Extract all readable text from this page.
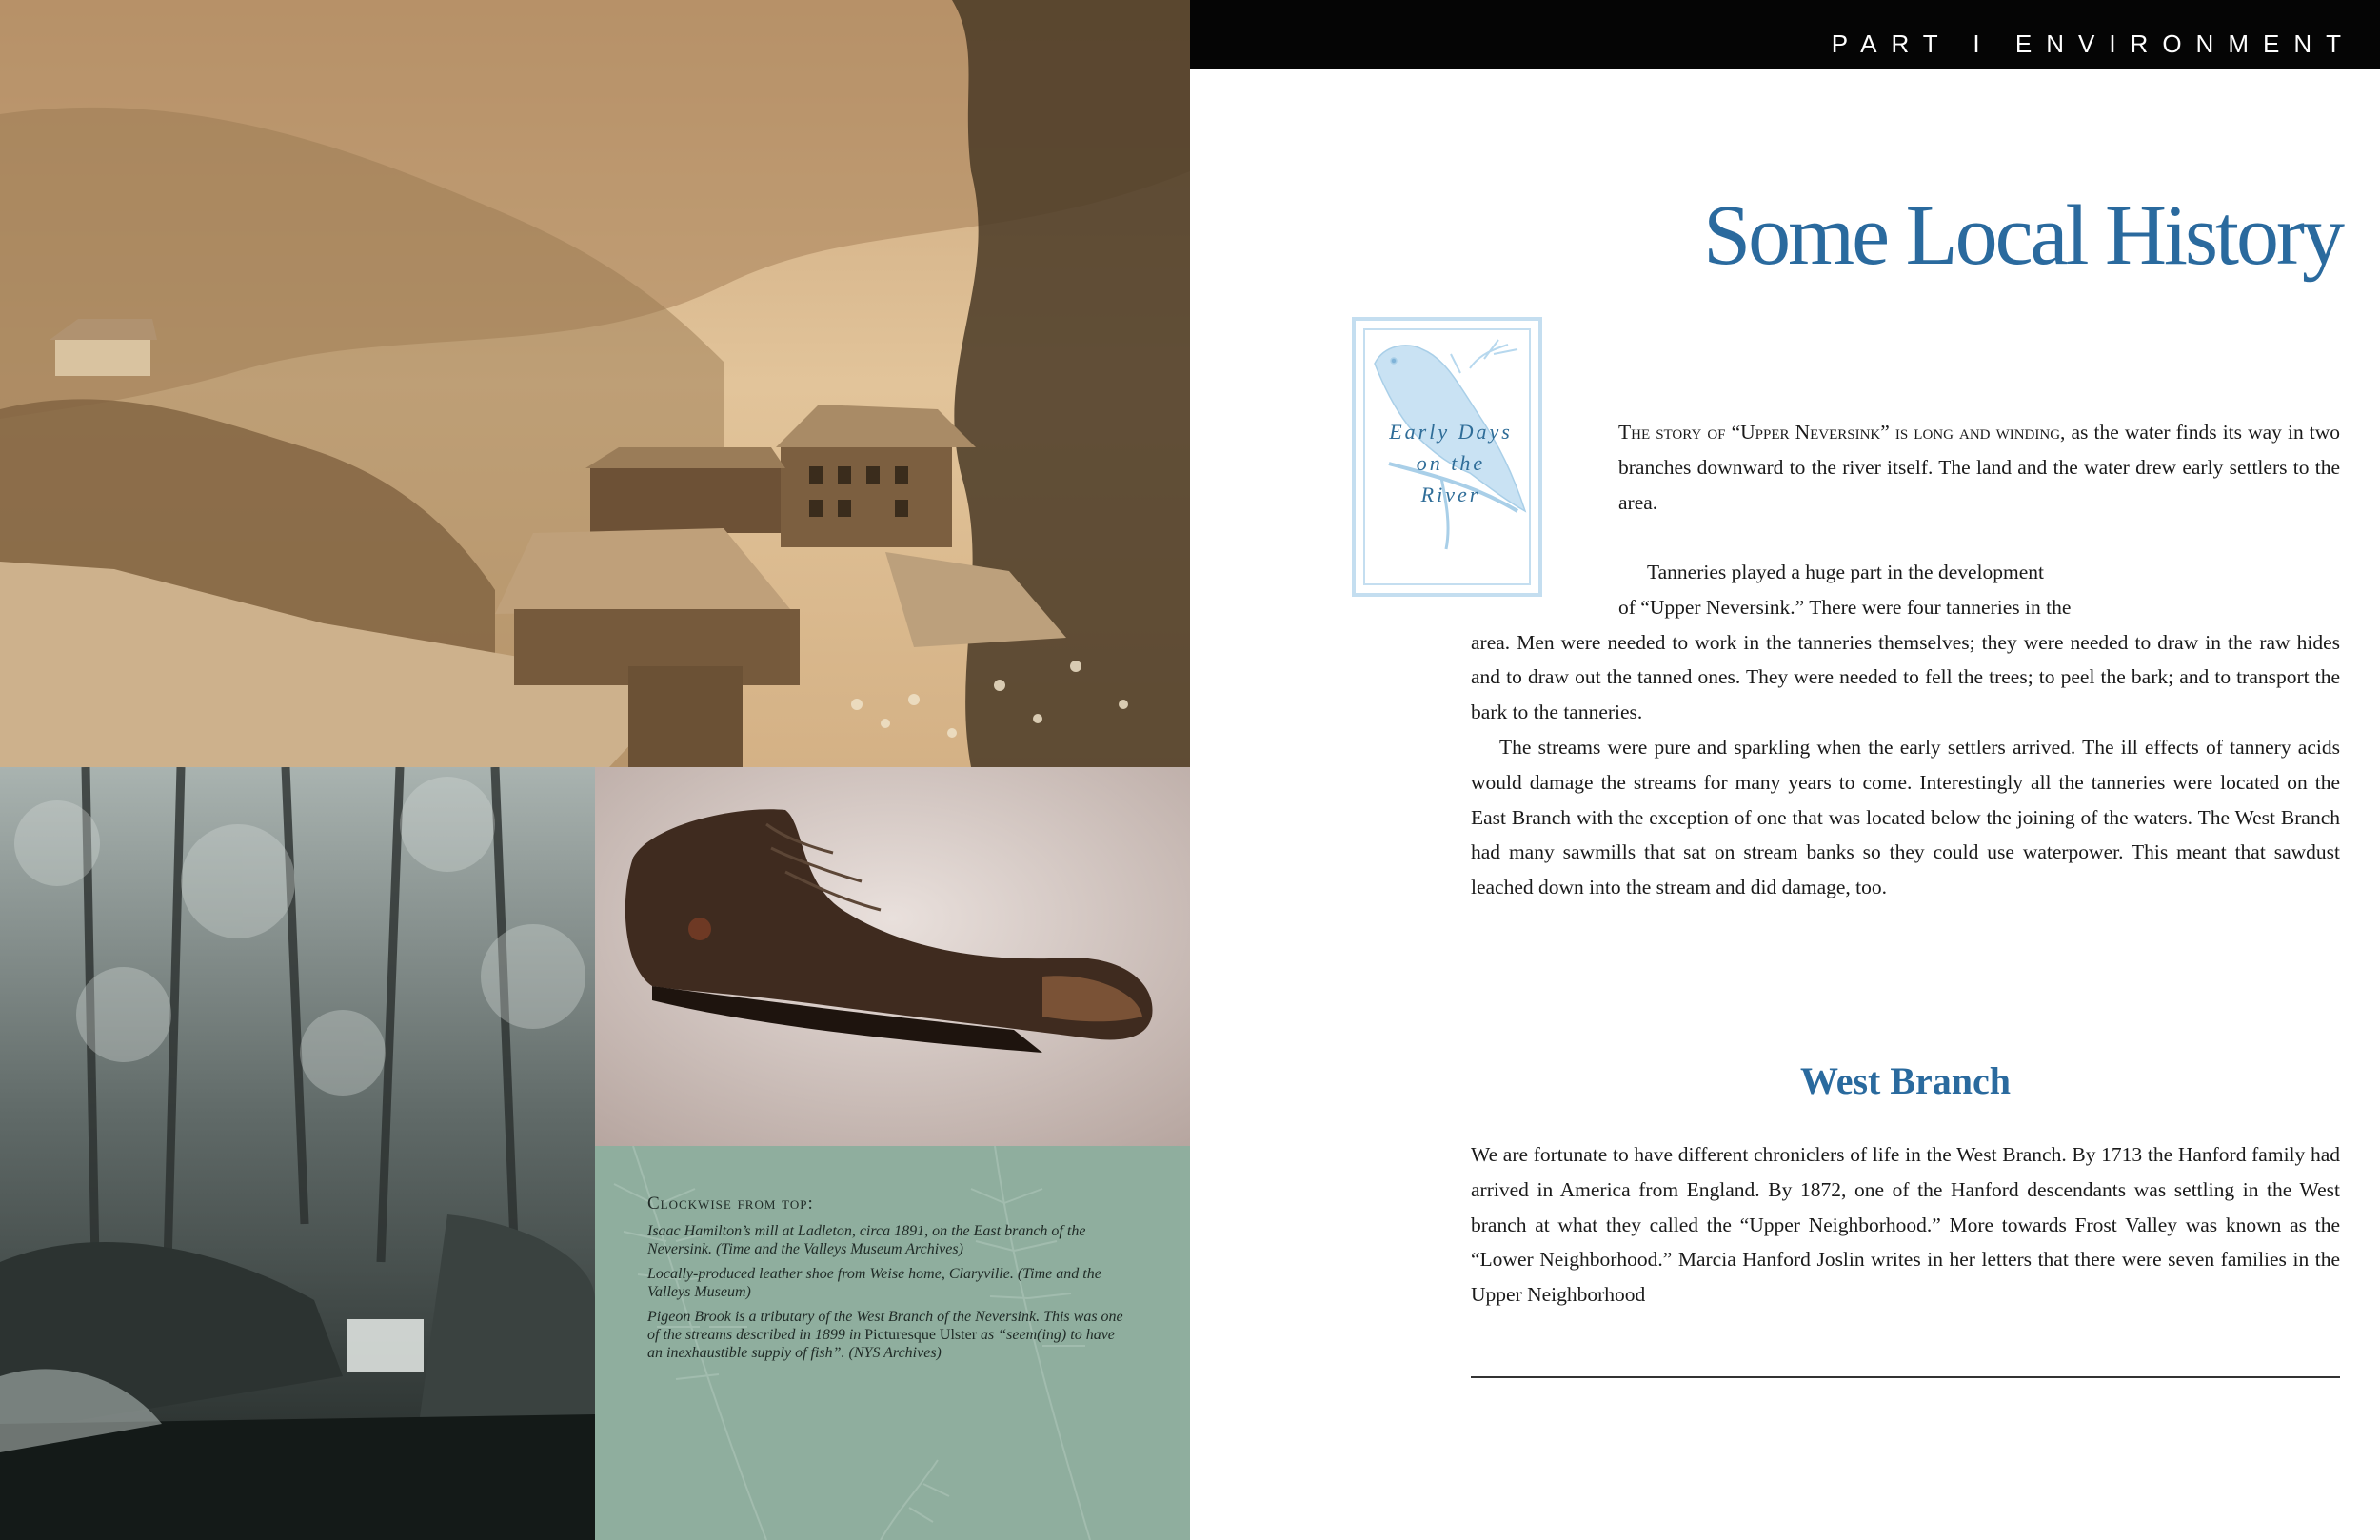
Clockwise from top:
Isaac Hamilton’s mill at Ladleton, circa 1891, on the East branch of the Neversink. (Time and the Valleys Museum Archives)
Locally-produced leather shoe from Weise home, Claryville. (Time and the Valleys Museum)
Pigeon Brook is a tributary of the West Branch of the Neversink. This was one of the streams described in 1899 in Picturesque Ulster as “seem(ing) to have an inexhaustible supply of fish”. (NYS Archives)
PART I ENVIRONMENT
Some Local History
Early Days
on the
River

The story of “Upper Neversink” is long and winding, as the water finds its way in two branches downward to the river itself. The land and the water drew early settlers to the area.

Tanneries played a huge part in the development

of “Upper Neversink.” There were four tanneries in the

area. Men were needed to work in the tanneries themselves; they were needed to draw in the raw hides and to draw out the tanned ones. They were needed to fell the trees; to peel the bark; and to transport the bark to the tanneries.

The streams were pure and sparkling when the early settlers arrived. The ill effects of tannery acids would damage the streams for many years to come. Interestingly all the tanneries were located on the East Branch with the exception of one that was located below the joining of the waters. The West Branch had many sawmills that sat on stream banks so they could use waterpower. This meant that sawdust leached down into the stream and did damage, too.

West Branch

We are fortunate to have different chroniclers of life in the West Branch. By 1713 the Hanford family had arrived in America from England. By 1872, one of the Hanford descendants was settling in the West branch at what they called the “Upper Neighborhood.” More towards Frost Valley was known as the “Lower Neighborhood.” Marcia Hanford Joslin writes in her letters that there were seven families in the Upper Neighborhood
